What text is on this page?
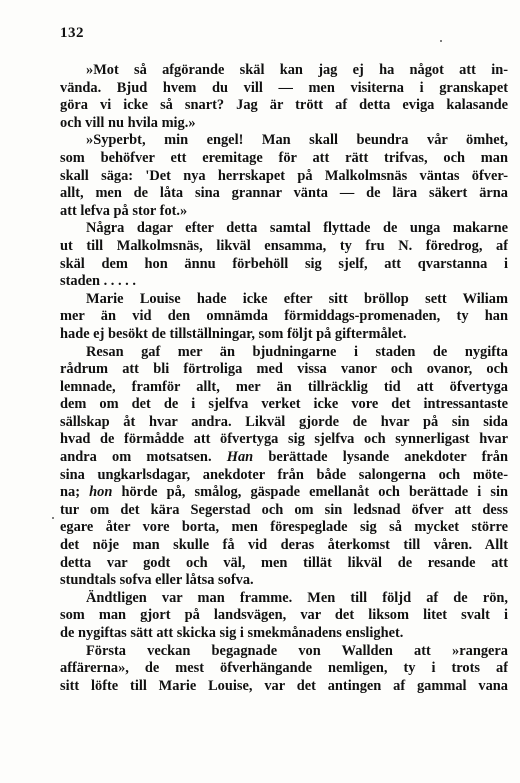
132
»Mot så afgörande skäl kan jag ej ha något att in-
vända. Bjud hvem du vill — men visiterna i granskapet
göra vi icke så snart? Jag är trött af detta eviga kalasande
och vill nu hvila mig.»
»Syperbt, min engel! Man skall beundra vår ömhet,
som behöfver ett eremitage för att rätt trifvas, och man
skall säga: 'Det nya herrskapet på Malkolmsnäs väntas öfver-
allt, men de låta sina grannar vänta — de lära säkert ärna
att lefva på stor fot.»
Några dagar efter detta samtal flyttade de unga makarne
ut till Malkolmsnäs, likväl ensamma, ty fru N. föredrog, af
skäl dem hon ännu förbehöll sig sjelf, att qvarstanna i
staden . . . . .
Marie Louise hade icke efter sitt bröllop sett Wiliam
mer än vid den omnämda förmiddags-promenaden, ty han
hade ej besökt de tillställningar, som följt på giftermålet.
Resan gaf mer än bjudningarne i staden de nygifta
rådrum att bli förtroliga med vissa vanor och ovanor, och
lemnade, framför allt, mer än tillräcklig tid att öfvertyga
dem om det de i sjelfva verket icke vore det intressantaste
sällskap åt hvar andra. Likväl gjorde de hvar på sin sida
hvad de förmådde att öfvertyga sig sjelfva och synnerligast hvar
andra om motsatsen. Han berättade lysande anekdoter från
sina ungkarlsdagar, anekdoter från både salongerna och möte-
na; hon hörde på, smålog, gäspade emellanåt och berättade i sin
tur om det kära Segerstad och om sin ledsnad öfver att dess
egare åter vore borta, men förespeglade sig så mycket större
det nöje man skulle få vid deras återkomst till våren. Allt
detta var godt och väl, men tillät likväl de resande att
stundtals sofva eller låtsa sofva.
Ändtligen var man framme. Men till följd af de rön,
som man gjort på landsvägen, var det liksom litet svalt i
de nygiftas sätt att skicka sig i smekmånadens enslighet.
Första veckan begagnade von Wallden att »rangera
affärerna», de mest öfverhängande nemligen, ty i trots af
sitt löfte till Marie Louise, var det antingen af gammal vana
